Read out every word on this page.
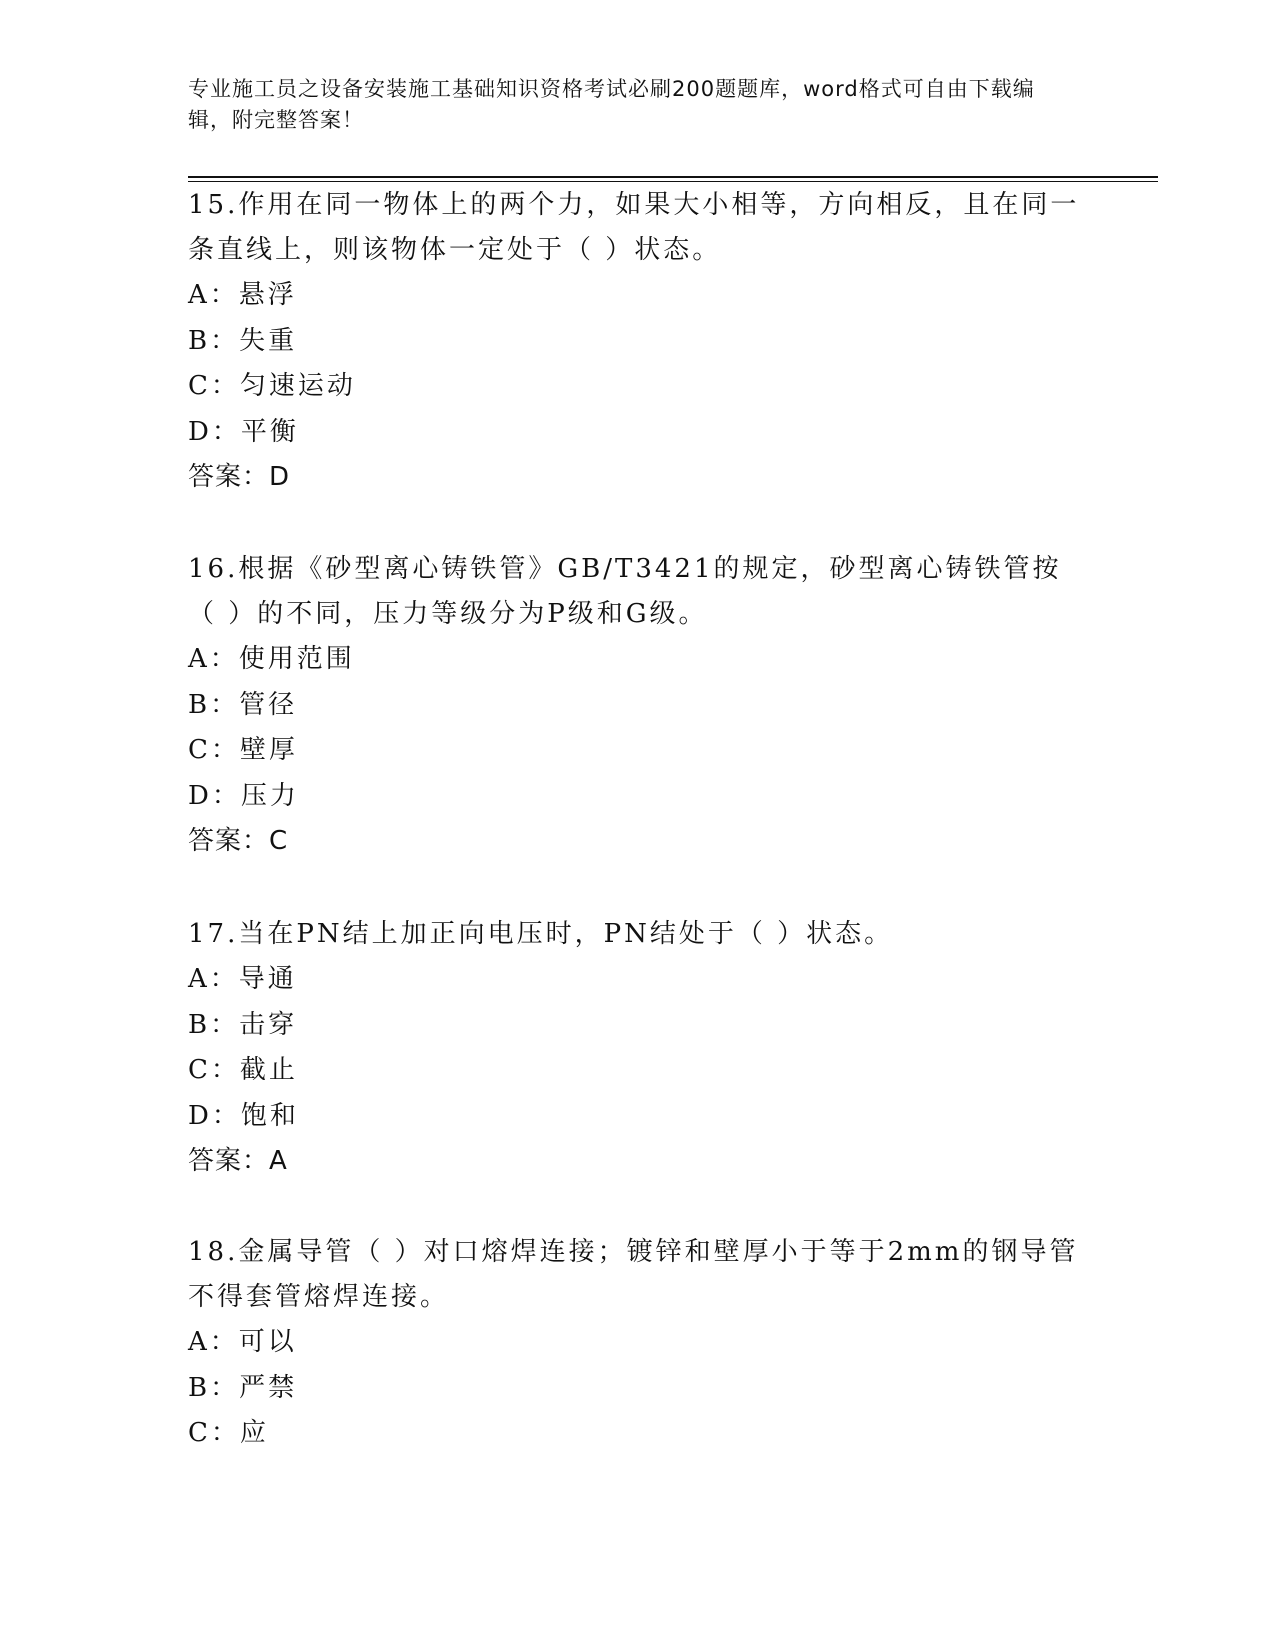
专业施工员之设备安装施工基础知识资格考试必刷200题题库，word格式可自由下载编辑，附完整答案！

15.作用在同一物体上的两个力，如果大小相等，方向相反，且在同一条直线上，则该物体一定处于（ ）状态。

A：悬浮

B：失重

C：匀速运动

D：平衡

答案：D

16.根据《砂型离心铸铁管》GB/T3421的规定，砂型离心铸铁管按（ ）的不同，压力等级分为P级和G级。

A：使用范围

B：管径

C：壁厚

D：压力

答案：C

17.当在PN结上加正向电压时，PN结处于（ ）状态。

A：导通

B：击穿

C：截止

D：饱和

答案：A

18.金属导管（ ）对口熔焊连接；镀锌和壁厚小于等于2mm的钢导管不得套管熔焊连接。

A：可以

B：严禁

C：应
